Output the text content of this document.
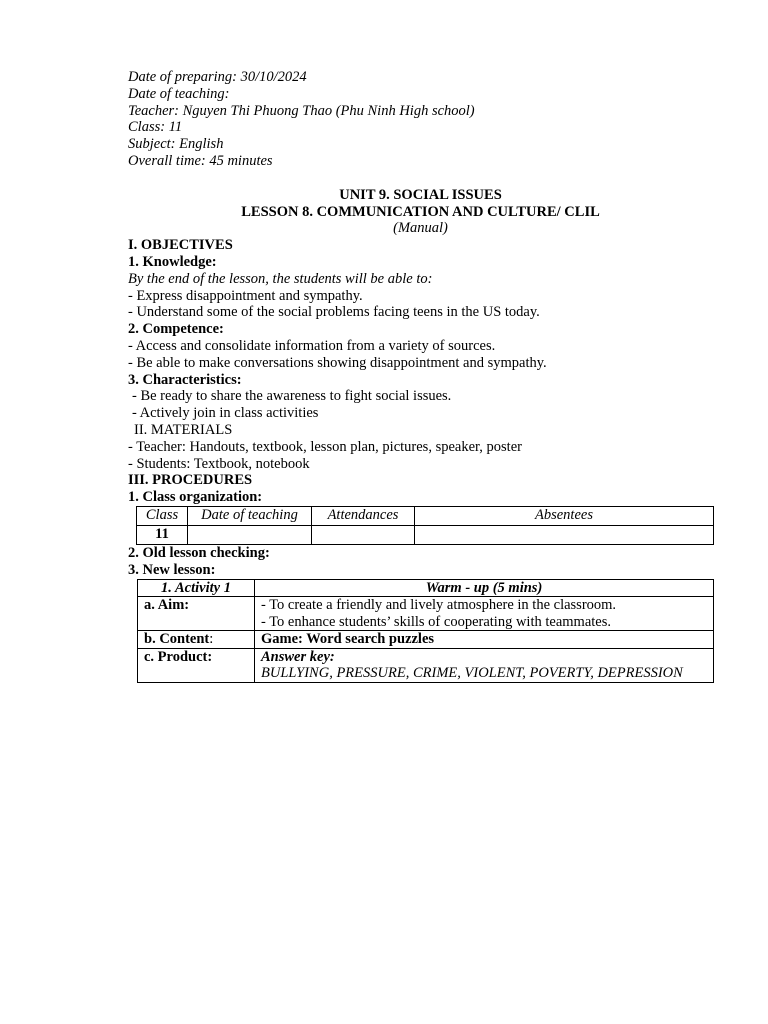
Date of preparing: 30/10/2024
Date of teaching:
Teacher: Nguyen Thi Phuong Thao (Phu Ninh High school)
Class: 11
Subject: English
Overall time: 45 minutes
UNIT 9. SOCIAL ISSUES
LESSON 8. COMMUNICATION AND CULTURE/ CLIL
(Manual)
I. OBJECTIVES
1. Knowledge:
By the end of the lesson, the students will be able to:
- Express disappointment and sympathy.
- Understand some of the social problems facing teens in the US today.
2. Competence:
- Access and consolidate information from a variety of sources.
- Be able to make conversations showing disappointment and sympathy.
3. Characteristics:
- Be ready to share the awareness to fight social issues.
- Actively join in class activities
II. MATERIALS
- Teacher: Handouts, textbook, lesson plan, pictures, speaker, poster
- Students: Textbook, notebook
III. PROCEDURES
1. Class organization:
Class	Date of teaching	Attendances	Absentees
11			
2. Old lesson checking:
3. New lesson:
1. Activity 1	Warm - up (5 mins)
a. Aim:	- To create a friendly and lively atmosphere in the classroom.
- To enhance students’ skills of cooperating with teammates.

b. Content:	Game: Word search puzzles
c. Product:	Answer key:
BULLYING, PRESSURE, CRIME, VIOLENT, POVERTY, DEPRESSION
